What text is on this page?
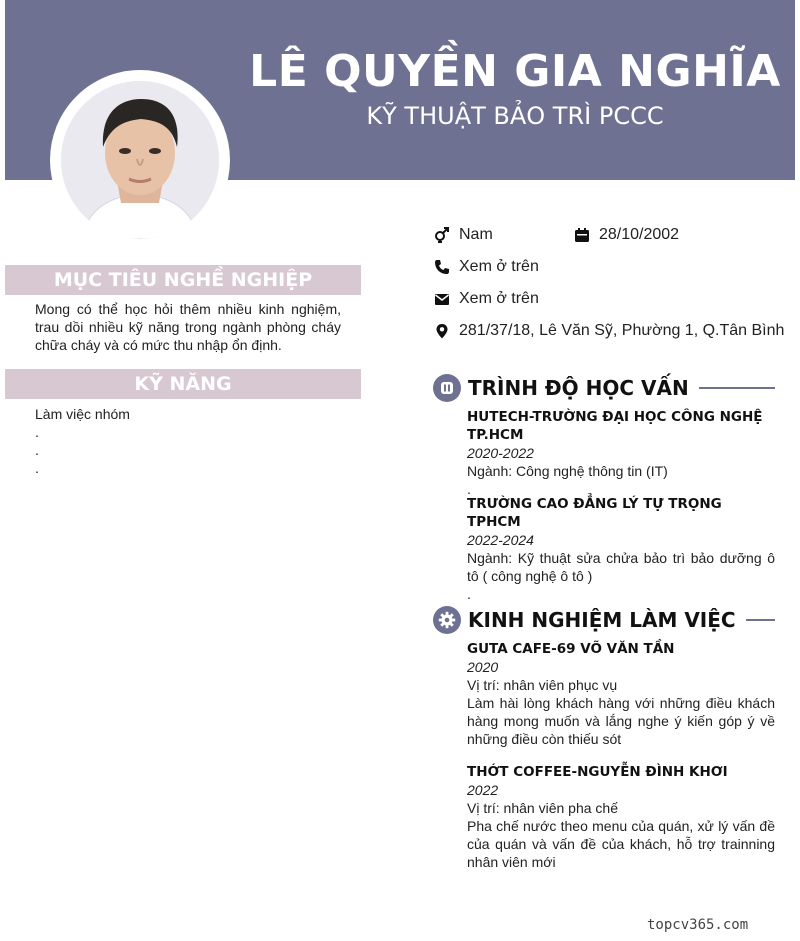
LÊ QUYỀN GIA NGHĨA
KỸ THUẬT BẢO TRÌ PCCC
MỤC TIÊU NGHỀ NGHIỆP
Mong có thể học hỏi thêm nhiều kinh nghiệm, trau dồi nhiều kỹ năng trong ngành phòng cháy chữa cháy và có mức thu nhập ổn định.
KỸ NĂNG
Làm việc nhóm
.
.
.
Nam	28/10/2002
Xem ở trên
Xem ở trên
281/37/18, Lê Văn Sỹ, Phường 1, Q.Tân Bình
TRÌNH ĐỘ HỌC VẤN
HUTECH-TRƯỜNG ĐẠI HỌC CÔNG NGHỆ TP.HCM
2020-2022
Ngành: Công nghệ thông tin (IT)
.
TRƯỜNG CAO ĐẲNG LÝ TỰ TRỌNG TPHCM
2022-2024
Ngành: Kỹ thuật sửa chửa bảo trì bảo dưỡng ô tô ( công nghệ ô tô )
.
KINH NGHIỆM LÀM VIỆC
GUTA CAFE-69 VÕ VĂN TẦN
2020
Vị trí: nhân viên phục vụ
Làm hài lòng khách hàng với những điều khách hàng mong muốn và lắng nghe ý kiến góp ý về những điều còn thiếu sót
THỚT COFFEE-NGUYỄN ĐÌNH KHƠI
2022
Vị trí: nhân viên pha chế
Pha chế nước theo menu của quán, xử lý vấn đề của quán và vấn đề của khách, hỗ trợ trainning nhân viên mới
topcv365.com
